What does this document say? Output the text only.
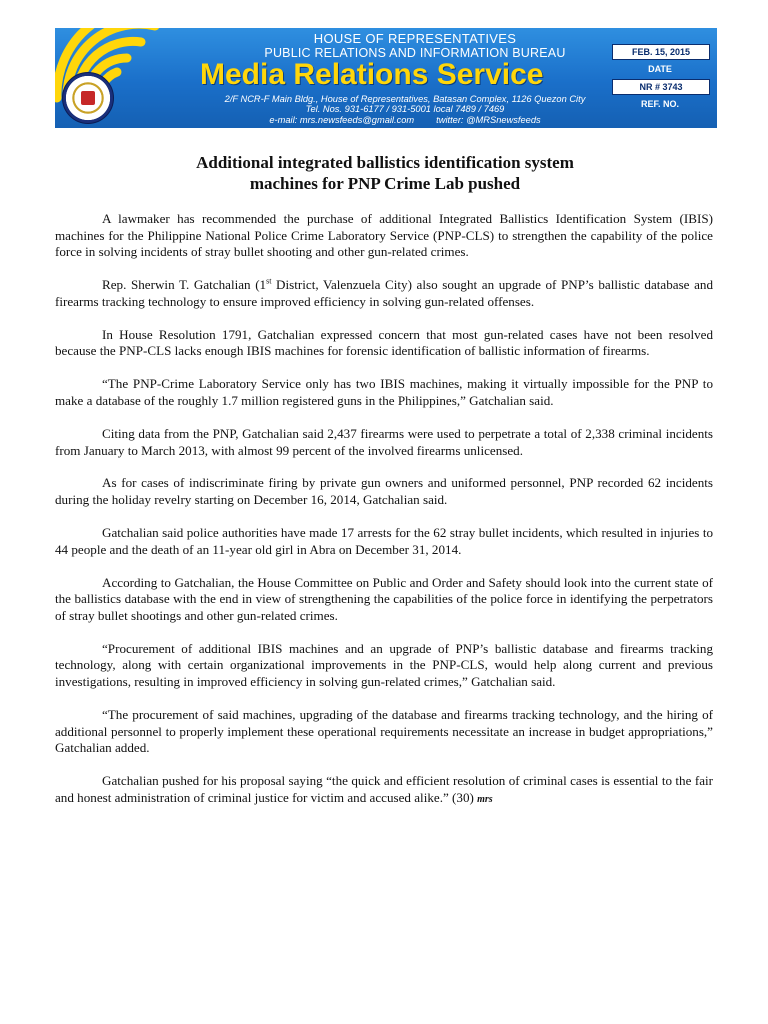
HOUSE OF REPRESENTATIVES
PUBLIC RELATIONS AND INFORMATION BUREAU
Media Relations Service
2/F NCR-F Main Bldg., House of Representatives, Batasan Complex, 1126 Quezon City
Tel. Nos. 931-6177 / 931-5001 local 7489 / 7469
e-mail: mrs.newsfeeds@gmail.com twitter: @MRSnewsfeeds
FEB. 15, 2015
DATE
NR # 3743
REF. NO.
Additional integrated ballistics identification system
machines for PNP Crime Lab pushed

A lawmaker has recommended the purchase of additional Integrated Ballistics Identification System (IBIS) machines for the Philippine National Police Crime Laboratory Service (PNP-CLS) to strengthen the capability of the police force in solving incidents of stray bullet shooting and other gun-related crimes.

Rep. Sherwin T. Gatchalian (1st District, Valenzuela City) also sought an upgrade of PNP’s ballistic database and firearms tracking technology to ensure improved efficiency in solving gun-related offenses.

In House Resolution 1791, Gatchalian expressed concern that most gun-related cases have not been resolved because the PNP-CLS lacks enough IBIS machines for forensic identification of ballistic information of firearms.

“The PNP-Crime Laboratory Service only has two IBIS machines, making it virtually impossible for the PNP to make a database of the roughly 1.7 million registered guns in the Philippines,” Gatchalian said.

Citing data from the PNP, Gatchalian said 2,437 firearms were used to perpetrate a total of 2,338 criminal incidents from January to March 2013, with almost 99 percent of the involved firearms unlicensed.

As for cases of indiscriminate firing by private gun owners and uniformed personnel, PNP recorded 62 incidents during the holiday revelry starting on December 16, 2014, Gatchalian said.

Gatchalian said police authorities have made 17 arrests for the 62 stray bullet incidents, which resulted in injuries to 44 people and the death of an 11-year old girl in Abra on December 31, 2014.

According to Gatchalian, the House Committee on Public and Order and Safety should look into the current state of the ballistics database with the end in view of strengthening the capabilities of the police force in identifying the perpetrators of stray bullet shootings and other gun-related crimes.

“Procurement of additional IBIS machines and an upgrade of PNP’s ballistic database and firearms tracking technology, along with certain organizational improvements in the PNP-CLS, would help along current and previous investigations, resulting in improved efficiency in solving gun-related crimes,” Gatchalian said.

“The procurement of said machines, upgrading of the database and firearms tracking technology, and the hiring of additional personnel to properly implement these operational requirements necessitate an increase in budget appropriations,” Gatchalian added.

Gatchalian pushed for his proposal saying “the quick and efficient resolution of criminal cases is essential to the fair and honest administration of criminal justice for victim and accused alike.” (30) mrs
